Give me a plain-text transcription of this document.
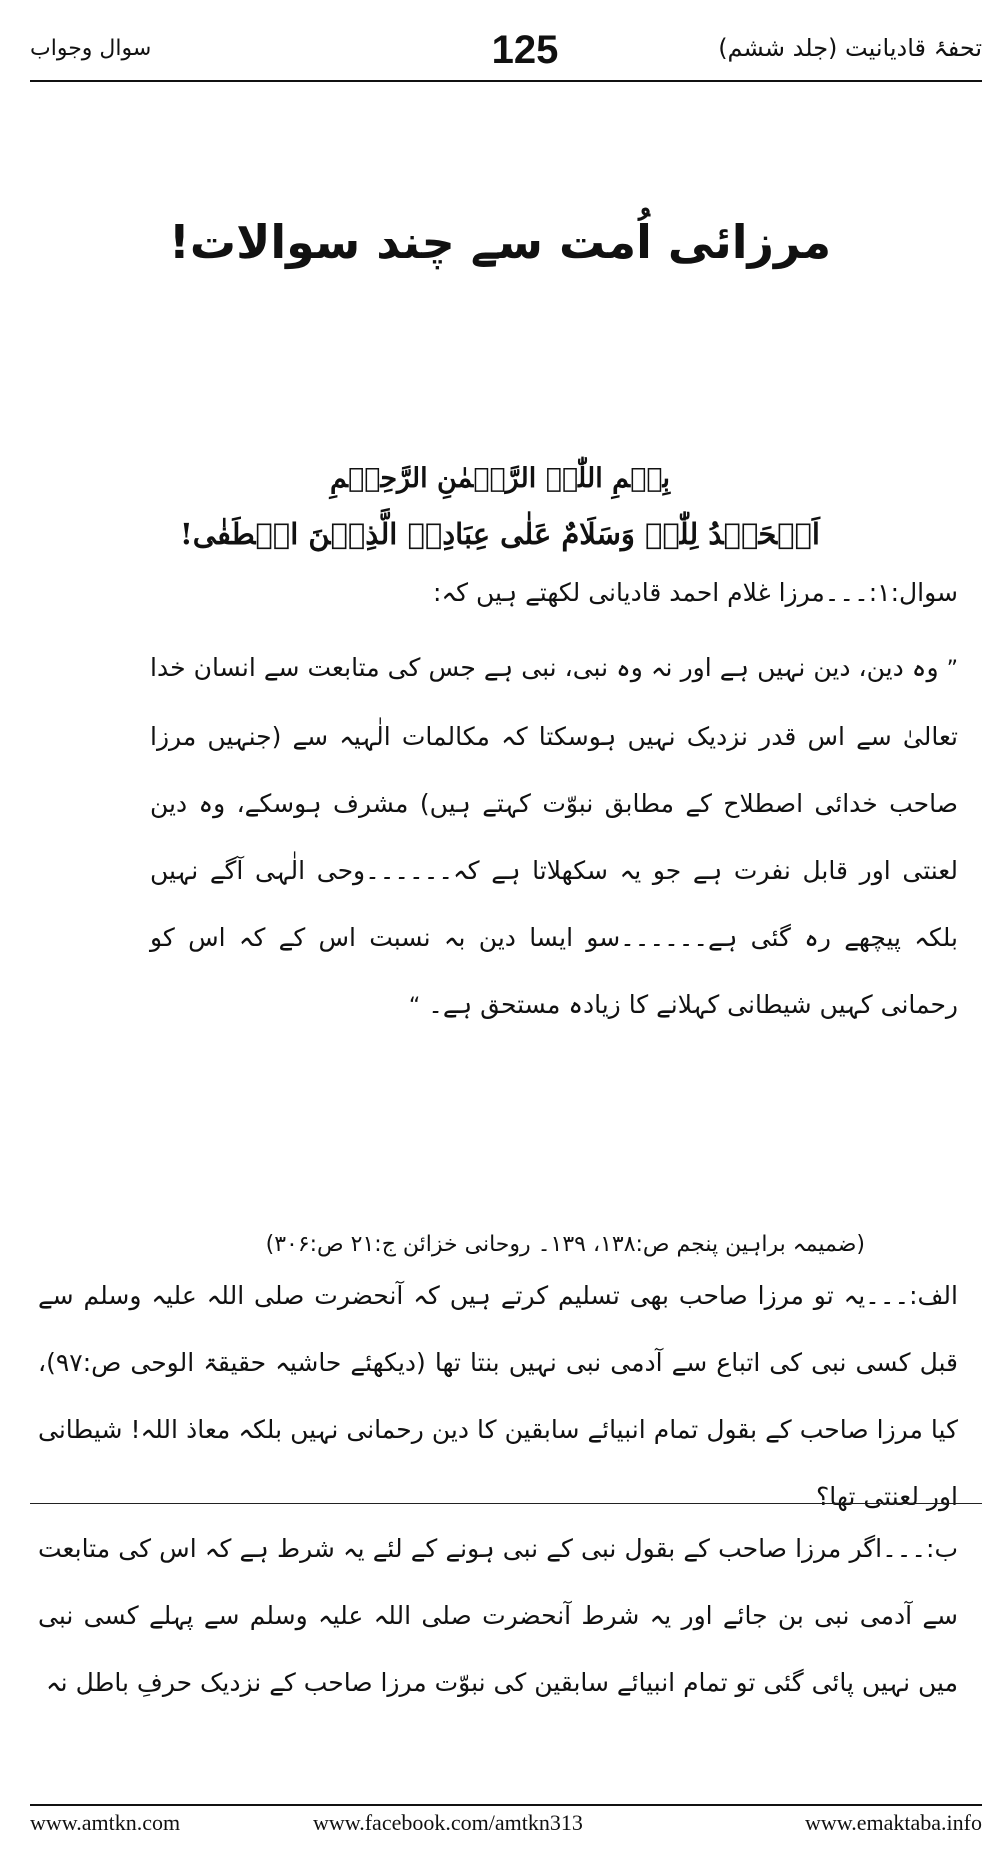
سوال وجواب	125	تحفۂ قادیانیت (جلد ششم)
مرزائی اُمت سے چند سوالات!
بِسۡمِ اللّٰہِ الرَّحۡمٰنِ الرَّحِیۡمِ
اَلۡحَمۡدُ لِلّٰہِ وَسَلَامٌ عَلٰی عِبَادِہِ الَّذِیۡنَ اصۡطَفٰی!
سوال:۱:۔۔۔مرزا غلام احمد قادیانی لکھتے ہیں کہ:
” وہ دین، دین نہیں ہے اور نہ وہ نبی، نبی ہے جس کی متابعت سے انسان خدا تعالیٰ سے اس قدر نزدیک نہیں ہوسکتا کہ مکالمات الٰہیہ سے (جنہیں مرزا صاحب خدائی اصطلاح کے مطابق نبوّت کہتے ہیں) مشرف ہوسکے، وہ دین لعنتی اور قابل نفرت ہے جو یہ سکھلاتا ہے کہ۔۔۔۔۔۔وحی الٰہی آگے نہیں بلکہ پیچھے رہ گئی ہے۔۔۔۔۔۔سو ایسا دین بہ نسبت اس کے کہ اس کو رحمانی کہیں شیطانی کہلانے کا زیادہ مستحق ہے۔ “
(ضمیمہ براہین پنجم ص:۱۳۸، ۱۳۹۔ روحانی خزائن ج:۲۱ ص:۳۰۶)
الف:۔۔۔یہ تو مرزا صاحب بھی تسلیم کرتے ہیں کہ آنحضرت صلی اللہ علیہ وسلم سے قبل کسی نبی کی اتباع سے آدمی نبی نہیں بنتا تھا (دیکھئے حاشیہ حقیقۃ الوحی ص:۹۷)، کیا مرزا صاحب کے بقول تمام انبیائے سابقین کا دین رحمانی نہیں بلکہ معاذ اللہ! شیطانی اور لعنتی تھا؟
ب:۔۔۔اگر مرزا صاحب کے بقول نبی کے نبی ہونے کے لئے یہ شرط ہے کہ اس کی متابعت سے آدمی نبی بن جائے اور یہ شرط آنحضرت صلی اللہ علیہ وسلم سے پہلے کسی نبی میں نہیں پائی گئی تو تمام انبیائے سابقین کی نبوّت مرزا صاحب کے نزدیک حرفِ باطل نہ
www.amtkn.com	www.facebook.com/amtkn313	www.emaktaba.info
